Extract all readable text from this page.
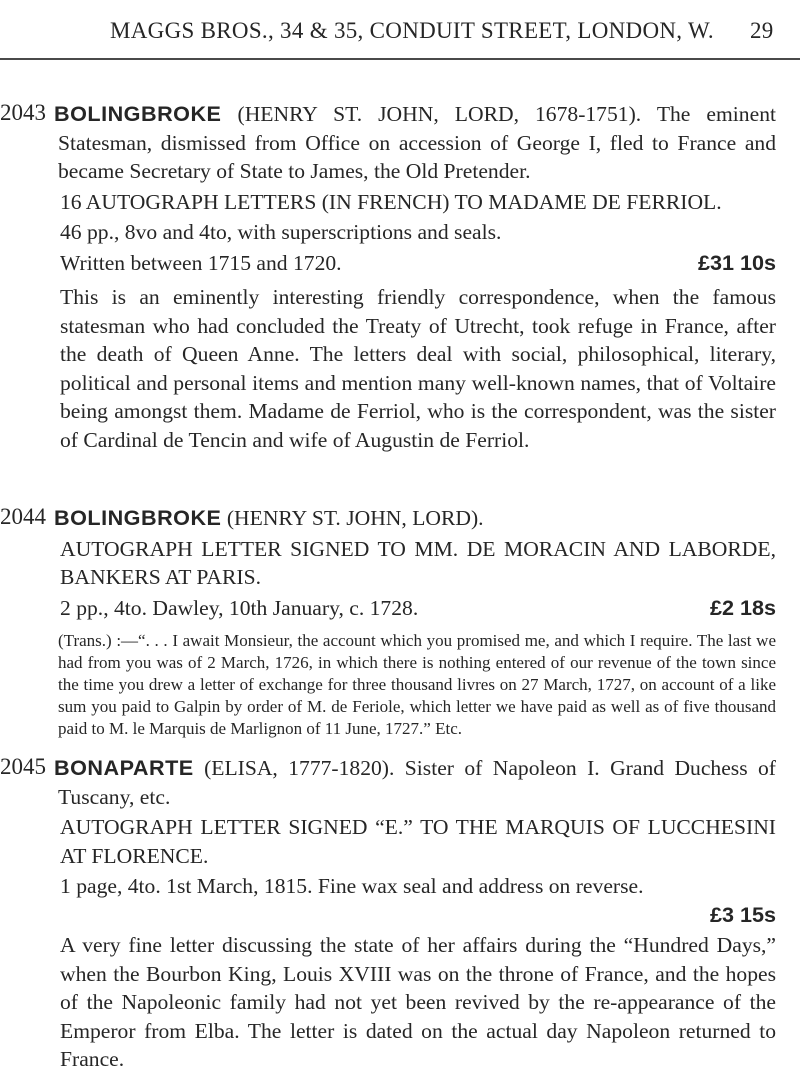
MAGGS BROS., 34 & 35, CONDUIT STREET, LONDON, W. 29
2043 BOLINGBROKE (HENRY ST. JOHN, LORD, 1678-1751). The eminent Statesman, dismissed from Office on accession of George I, fled to France and became Secretary of State to James, the Old Pretender.

16 AUTOGRAPH LETTERS (IN FRENCH) TO MADAME DE FERRIOL.

46 pp., 8vo and 4to, with superscriptions and seals.

Written between 1715 and 1720.	£31 10s

This is an eminently interesting friendly correspondence, when the famous statesman who had concluded the Treaty of Utrecht, took refuge in France, after the death of Queen Anne. The letters deal with social, philosophical, literary, political and personal items and mention many well-known names, that of Voltaire being amongst them. Madame de Ferriol, who is the correspondent, was the sister of Cardinal de Tencin and wife of Augustin de Ferriol.

2044 BOLINGBROKE (HENRY ST. JOHN, LORD).

AUTOGRAPH LETTER SIGNED TO MM. DE MORACIN AND LABORDE, BANKERS AT PARIS.

2 pp., 4to. Dawley, 10th January, c. 1728.	£2 18s

(Trans.) :—“. . . I await Monsieur, the account which you promised me, and which I require. The last we had from you was of 2 March, 1726, in which there is nothing entered of our revenue of the town since the time you drew a letter of exchange for three thousand livres on 27 March, 1727, on account of a like sum you paid to Galpin by order of M. de Feriole, which letter we have paid as well as of five thousand paid to M. le Marquis de Marlignon of 11 June, 1727.” Etc.

2045 BONAPARTE (ELISA, 1777-1820). Sister of Napoleon I. Grand Duchess of Tuscany, etc.

AUTOGRAPH LETTER SIGNED “E.” TO THE MARQUIS OF LUCCHESINI AT FLORENCE.

1 page, 4to. 1st March, 1815. Fine wax seal and address on reverse.

£3 15s

A very fine letter discussing the state of her affairs during the “Hundred Days,” when the Bourbon King, Louis XVIII was on the throne of France, and the hopes of the Napoleonic family had not yet been revived by the re-appearance of the Emperor from Elba. The letter is dated on the actual day Napoleon returned to France.
